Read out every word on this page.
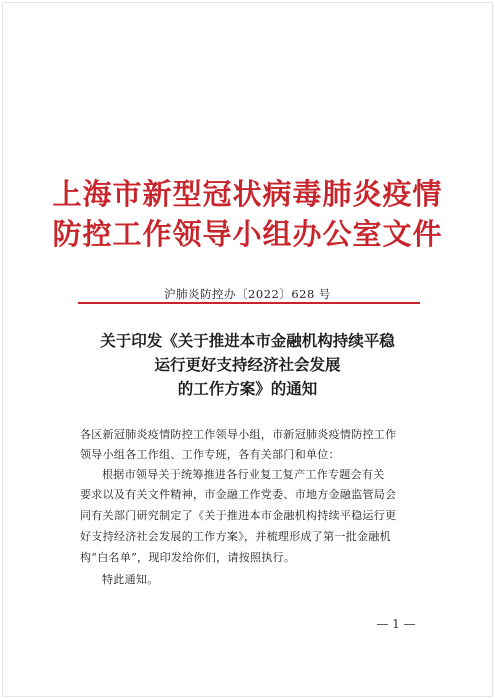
上海市新型冠状病毒肺炎疫情
防控工作领导小组办公室文件
沪肺炎防控办〔2022〕628 号
关于印发《关于推进本市金融机构持续平稳
运行更好支持经济社会发展
的工作方案》的通知
各区新冠肺炎疫情防控工作领导小组，市新冠肺炎疫情防控工作
领导小组各工作组、工作专班，各有关部门和单位：
根据市领导关于统筹推进各行业复工复产工作专题会有关
要求以及有关文件精神，市金融工作党委、市地方金融监管局会
同有关部门研究制定了《关于推进本市金融机构持续平稳运行更
好支持经济社会发展的工作方案》，并梳理形成了第一批金融机
构“白名单”，现印发给你们，请按照执行。
特此通知。
— 1 —
